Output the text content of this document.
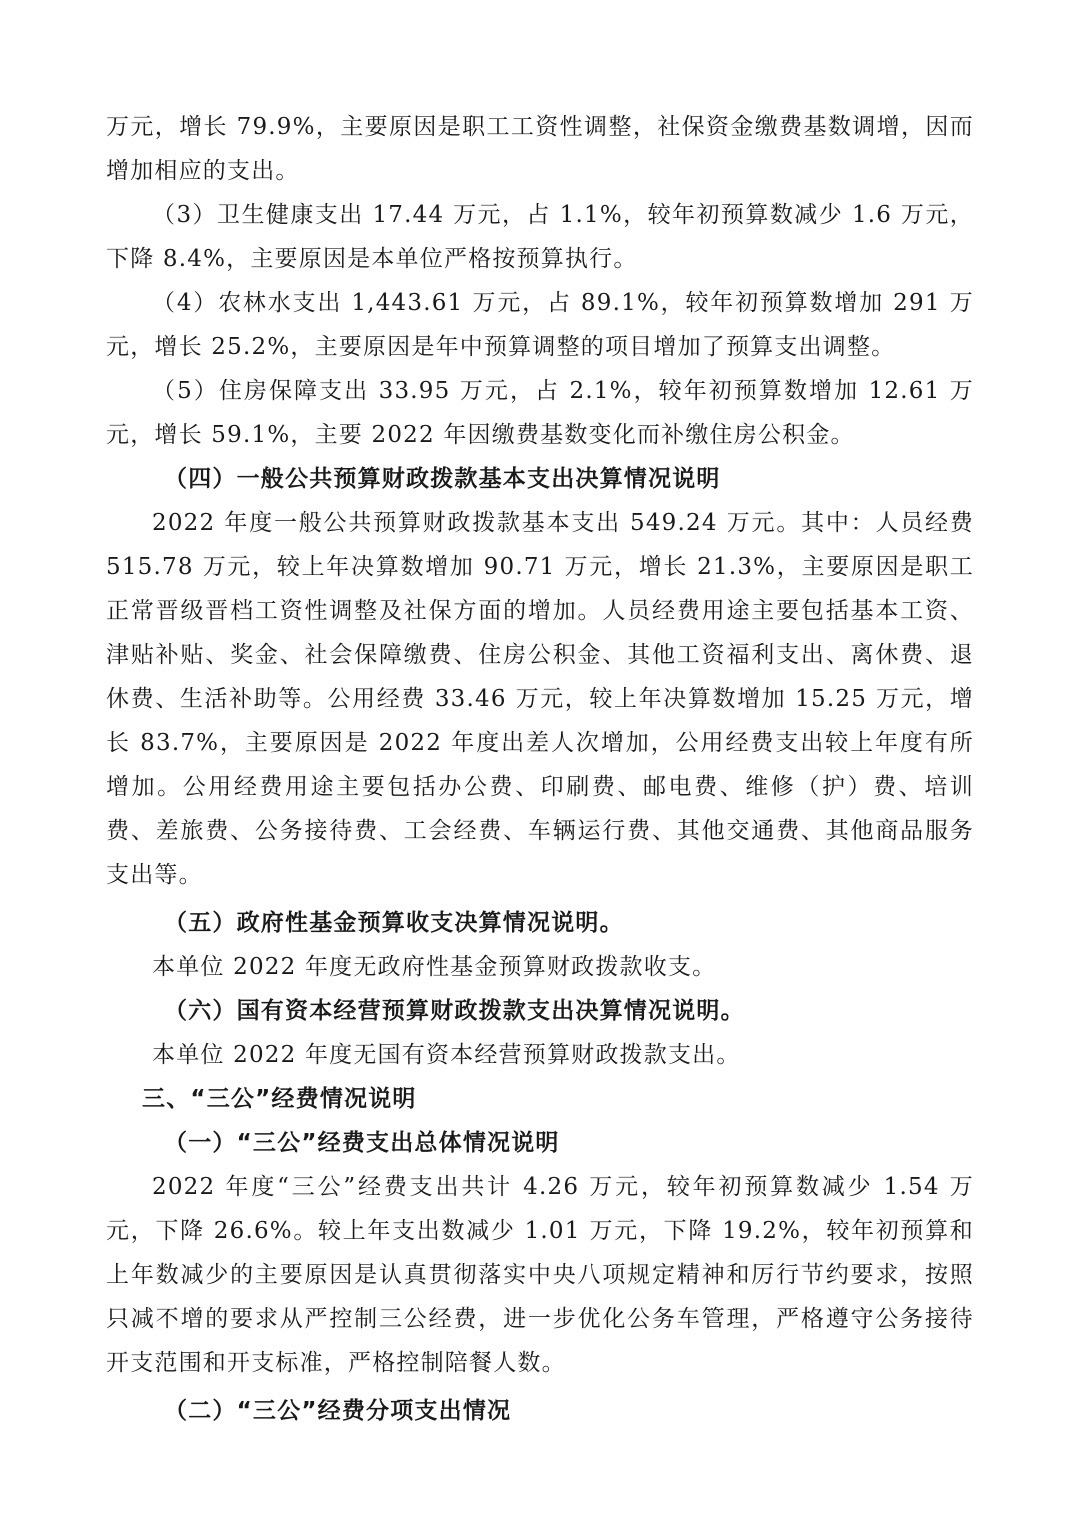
万元，增长 79.9%，主要原因是职工工资性调整，社保资金缴费基数调增，因而增加相应的支出。

（3）卫生健康支出 17.44 万元，占 1.1%，较年初预算数减少 1.6 万元，下降 8.4%，主要原因是本单位严格按预算执行。

（4）农林水支出 1,443.61 万元，占 89.1%，较年初预算数增加 291 万元，增长 25.2%，主要原因是年中预算调整的项目增加了预算支出调整。

（5）住房保障支出 33.95 万元，占 2.1%，较年初预算数增加 12.61 万元，增长 59.1%，主要 2022 年因缴费基数变化而补缴住房公积金。

（四）一般公共预算财政拨款基本支出决算情况说明

2022 年度一般公共预算财政拨款基本支出 549.24 万元。其中：人员经费 515.78 万元，较上年决算数增加 90.71 万元，增长 21.3%，主要原因是职工正常晋级晋档工资性调整及社保方面的增加。人员经费用途主要包括基本工资、津贴补贴、奖金、社会保障缴费、住房公积金、其他工资福利支出、离休费、退休费、生活补助等。公用经费 33.46 万元，较上年决算数增加 15.25 万元，增长 83.7%，主要原因是 2022 年度出差人次增加，公用经费支出较上年度有所增加。公用经费用途主要包括办公费、印刷费、邮电费、维修（护）费、培训费、差旅费、公务接待费、工会经费、车辆运行费、其他交通费、其他商品服务支出等。

（五）政府性基金预算收支决算情况说明。

本单位 2022 年度无政府性基金预算财政拨款收支。

（六）国有资本经营预算财政拨款支出决算情况说明。

本单位 2022 年度无国有资本经营预算财政拨款支出。

三、“三公”经费情况说明

（一）“三公”经费支出总体情况说明

2022 年度“三公”经费支出共计 4.26 万元，较年初预算数减少 1.54 万元，下降 26.6%。较上年支出数减少 1.01 万元，下降 19.2%，较年初预算和上年数减少的主要原因是认真贯彻落实中央八项规定精神和厉行节约要求，按照只减不增的要求从严控制三公经费，进一步优化公务车管理，严格遵守公务接待开支范围和开支标准，严格控制陪餐人数。

（二）“三公”经费分项支出情况
